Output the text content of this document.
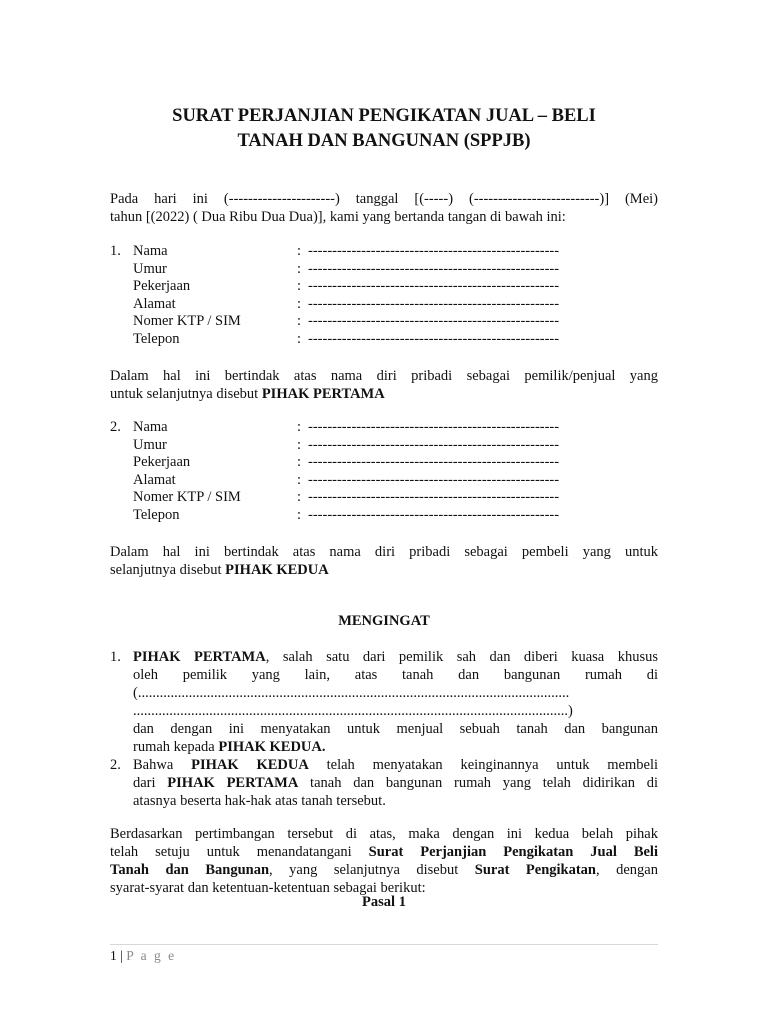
SURAT PERJANJIAN PENGIKATAN JUAL – BELI
TANAH DAN BANGUNAN (SPPJB)
Pada hari ini (----------------------) tanggal [(-----) (--------------------------)] (Mei)
tahun [(2022) ( Dua Ribu Dua Dua)], kami yang bertanda tangan di bawah ini:
1. Nama	: ----------------------------------------------------
Umur	: ----------------------------------------------------
Pekerjaan	: ----------------------------------------------------
Alamat	: ----------------------------------------------------
Nomer KTP / SIM	: ----------------------------------------------------
Telepon	: ----------------------------------------------------
Dalam hal ini bertindak atas nama diri pribadi sebagai pemilik/penjual yang
untuk selanjutnya disebut PIHAK PERTAMA
2. Nama	: ----------------------------------------------------
Umur	: ----------------------------------------------------
Pekerjaan	: ----------------------------------------------------
Alamat	: ----------------------------------------------------
Nomer KTP / SIM	: ----------------------------------------------------
Telepon	: ----------------------------------------------------
Dalam hal ini bertindak atas nama diri pribadi sebagai pembeli yang untuk
selanjutnya disebut PIHAK KEDUA
MENGINGAT
1. PIHAK PERTAMA, salah satu dari pemilik sah dan diberi kuasa khusus
oleh pemilik yang lain, atas tanah dan bangunan rumah di
(.......................................................................................................................
........................................................................................................................)
dan dengan ini menyatakan untuk menjual sebuah tanah dan bangunan
rumah kepada PIHAK KEDUA.
2. Bahwa PIHAK KEDUA telah menyatakan keinginannya untuk membeli
dari PIHAK PERTAMA tanah dan bangunan rumah yang telah didirikan di
atasnya beserta hak-hak atas tanah tersebut.
Berdasarkan pertimbangan tersebut di atas, maka dengan ini kedua belah pihak
telah setuju untuk menandatangani Surat Perjanjian Pengikatan Jual Beli
Tanah dan Bangunan, yang selanjutnya disebut Surat Pengikatan, dengan
syarat-syarat dan ketentuan-ketentuan sebagai berikut:
Pasal 1
1 | P a g e
